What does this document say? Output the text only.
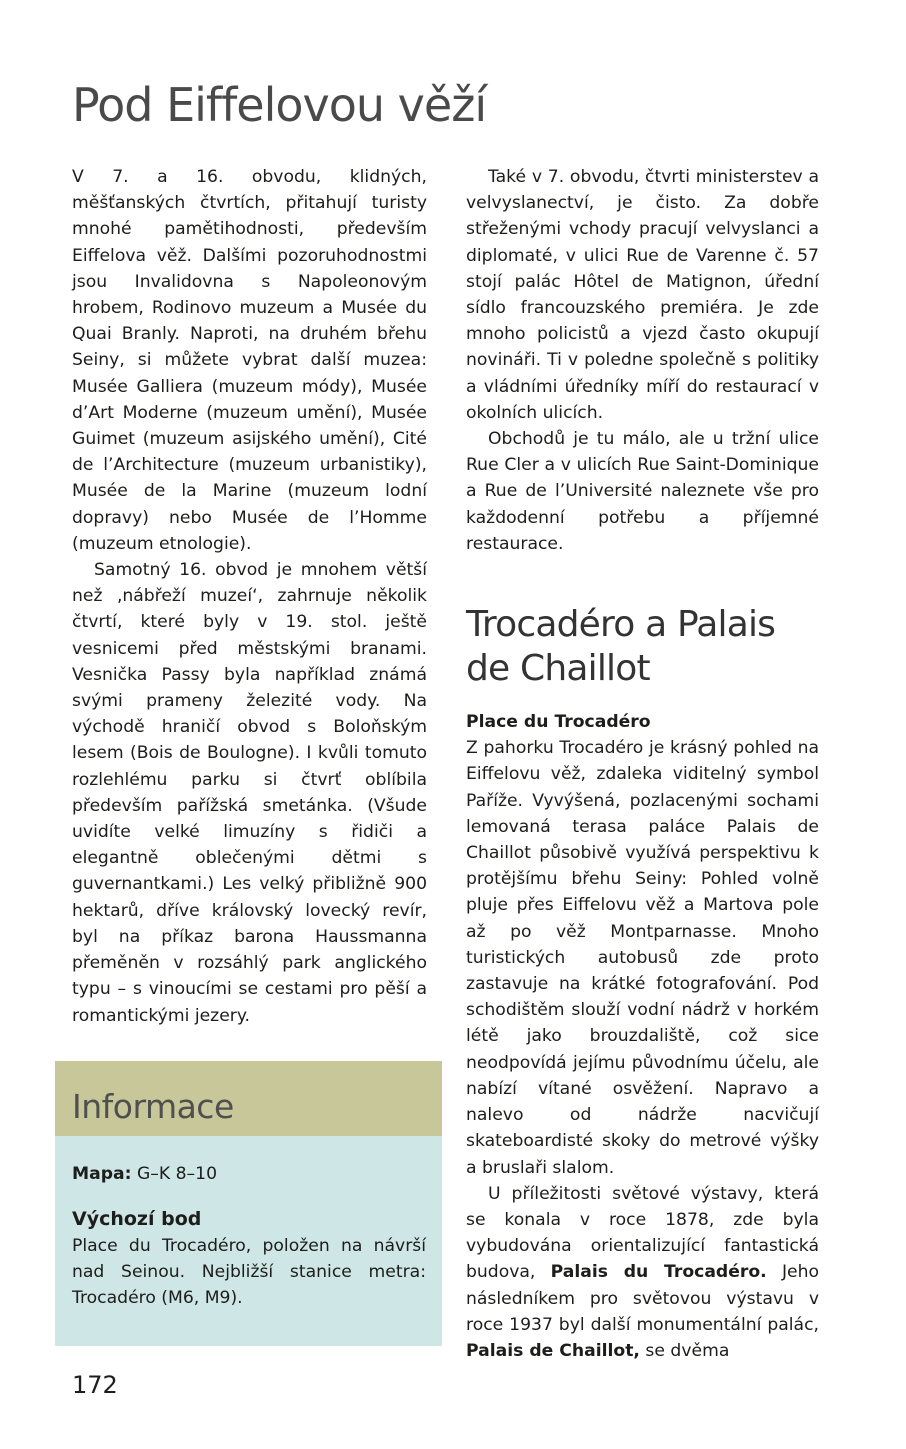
Pod Eiffelovou věží

V 7. a 16. obvodu, klidných, měšťanských čtvrtích, přitahují turisty mnohé pamětihodnosti, především Eiffelova věž. Dalšími pozoruhodnostmi jsou Invalidovna s Napoleonovým hrobem, Rodinovo muzeum a Musée du Quai Branly. Naproti, na druhém břehu Seiny, si můžete vybrat další muzea: Musée Galliera (muzeum módy), Musée d’Art Moderne (muzeum umění), Musée Guimet (muzeum asijského umění), Cité de l’Architecture (muzeum urbanistiky), Musée de la Marine (muzeum lodní dopravy) nebo Musée de l’Homme (muzeum etnologie).

Samotný 16. obvod je mnohem větší než ‚nábřeží muzeí‘, zahrnuje několik čtvrtí, které byly v 19. stol. ještě vesnicemi před městskými branami. Vesnička Passy byla například známá svými prameny železité vody. Na východě hraničí obvod s Boloňským lesem (Bois de Boulogne). I kvůli tomuto rozlehlému parku si čtvrť oblíbila především pařížská smetánka. (Všude uvidíte velké limuzíny s řidiči a elegantně oblečenými dětmi s guvernantkami.) Les velký přibližně 900 hektarů, dříve královský lovecký revír, byl na příkaz barona Haussmanna přeměněn v rozsáhlý park anglického typu – s vinoucími se cestami pro pěší a romantickými jezery.

Informace

Mapa: G–K 8–10

Výchozí bod

Place du Trocadéro, položen na návrší nad Seinou. Nejbližší stanice metra: Trocadéro (M6, M9).

Také v 7. obvodu, čtvrti ministerstev a velvyslanectví, je čisto. Za dobře střeženými vchody pracují velvyslanci a diplomaté, v ulici Rue de Varenne č. 57 stojí palác Hôtel de Matignon, úřední sídlo francouzského premiéra. Je zde mnoho policistů a vjezd často okupují novináři. Ti v poledne společně s politiky a vládními úředníky míří do restaurací v okolních ulicích.

Obchodů je tu málo, ale u tržní ulice Rue Cler a v ulicích Rue Saint-Dominique a Rue de l’Université naleznete vše pro každodenní potřebu a příjemné restaurace.

Trocadéro a Palais de Chaillot

Place du Trocadéro

Z pahorku Trocadéro je krásný pohled na Eiffelovu věž, zdaleka viditelný symbol Paříže. Vyvýšená, pozlacenými sochami lemovaná terasa paláce Palais de Chaillot působivě využívá perspektivu k protějšímu břehu Seiny: Pohled volně pluje přes Eiffelovu věž a Martova pole až po věž Montparnasse. Mnoho turistických autobusů zde proto zastavuje na krátké fotografování. Pod schodištěm slouží vodní nádrž v horkém létě jako brouzdaliště, což sice neodpovídá jejímu původnímu účelu, ale nabízí vítané osvěžení. Napravo a nalevo od nádrže nacvičují skateboardisté skoky do metrové výšky a bruslaři slalom.

U příležitosti světové výstavy, která se konala v roce 1878, zde byla vybudována orientalizující fantastická budova, Palais du Trocadéro. Jeho následníkem pro světovou výstavu v roce 1937 byl další monumentální palác, Palais de Chaillot, se dvěma

172
